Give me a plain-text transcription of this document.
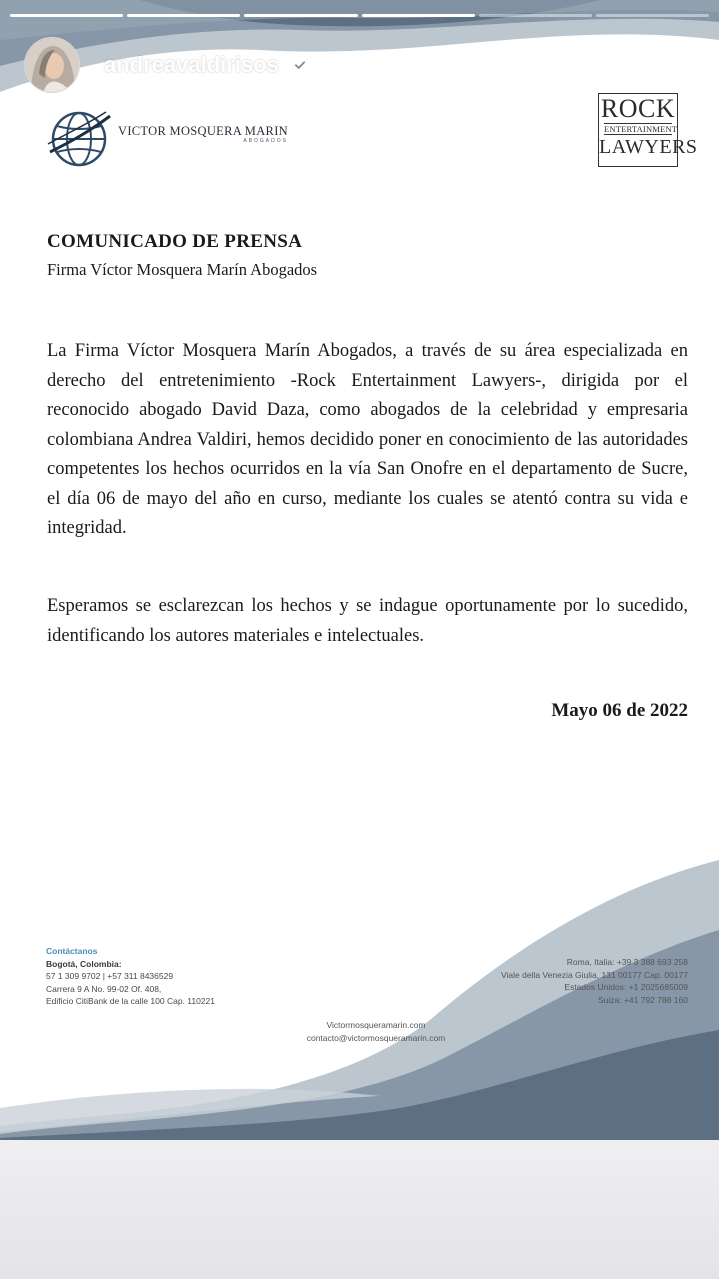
andreavaldirisos 6 h
VICTOR MOSQUERA MARIN
ABOGADOS
ROCK
ENTERTAINMENT
LAWYERS
COMUNICADO DE PRENSA
Firma Víctor Mosquera Marín Abogados

La Firma Víctor Mosquera Marín Abogados, a través de su área especializada en derecho del entretenimiento -Rock Entertainment Lawyers-, dirigida por el reconocido abogado David Daza, como abogados de la celebridad y empresaria colombiana Andrea Valdiri, hemos decidido poner en conocimiento de las autoridades competentes los hechos ocurridos en la vía San Onofre en el departamento de Sucre, el día 06 de mayo del año en curso, mediante los cuales se atentó contra su vida e integridad.

Esperamos se esclarezcan los hechos y se indague oportunamente por lo sucedido, identificando los autores materiales e intelectuales.

Mayo 06 de 2022
Contáctanos
Bogotá, Colombia:
57 1 309 9702 | +57 311 8436529
Carrera 9 A No. 99-02 Of. 408,
Edificio CitiBank de la calle 100 Cap. 110221
Roma, Italia: +39 3 388 693 258
Viale della Venezia Giulia, 131 00177 Cap. 00177
Estados Unidos: +1 2025685009
Suiza: +41 792 788 160
Victormosqueramarin.com
contacto@victormosqueramarin.com
